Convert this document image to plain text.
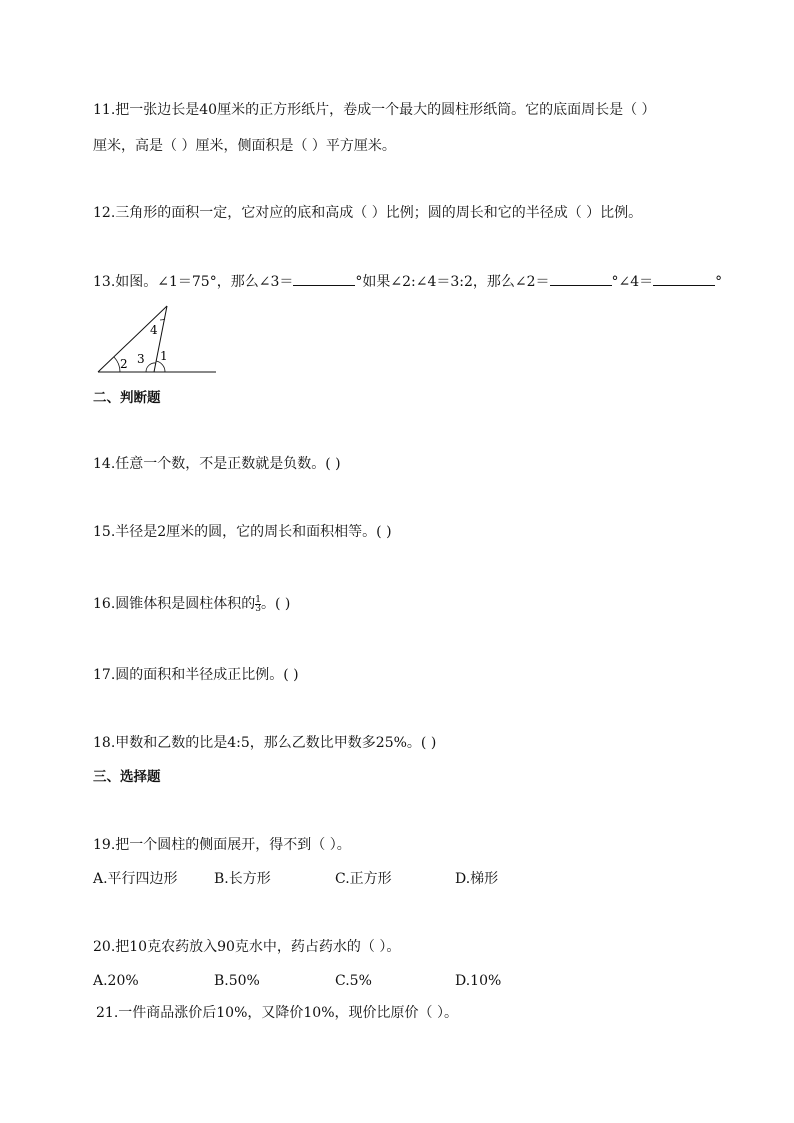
11.把一张边长是40厘米的正方形纸片，卷成一个最大的圆柱形纸筒。它的底面周长是（ ）
厘米，高是（ ）厘米，侧面积是（ ）平方厘米。
12.三角形的面积一定，它对应的底和高成（ ）比例；圆的周长和它的半径成（ ）比例。
13.如图。∠1＝75°，那么∠3＝	°如果∠2:∠4＝3:2，那么∠2＝	°∠4＝	°
4
2 3 1
二、判断题
14.任意一个数，不是正数就是负数。( )
15.半径是2厘米的圆，它的周长和面积相等。( )
16.圆锥体积是圆柱体积的 $\frac{1}{3}$ 。( )
17.圆的面积和半径成正比例。( )
18.甲数和乙数的比是4:5，那么乙数比甲数多25%。( )
三、选择题
19.把一个圆柱的侧面展开，得不到（ ）。
A.平行四边形	B.长方形	C.正方形	D.梯形
20.把10克农药放入90克水中，药占药水的（ ）。
A.20%	B.50%	C.5%	D.10%
21.一件商品涨价后10%，又降价10%，现价比原价（ ）。
